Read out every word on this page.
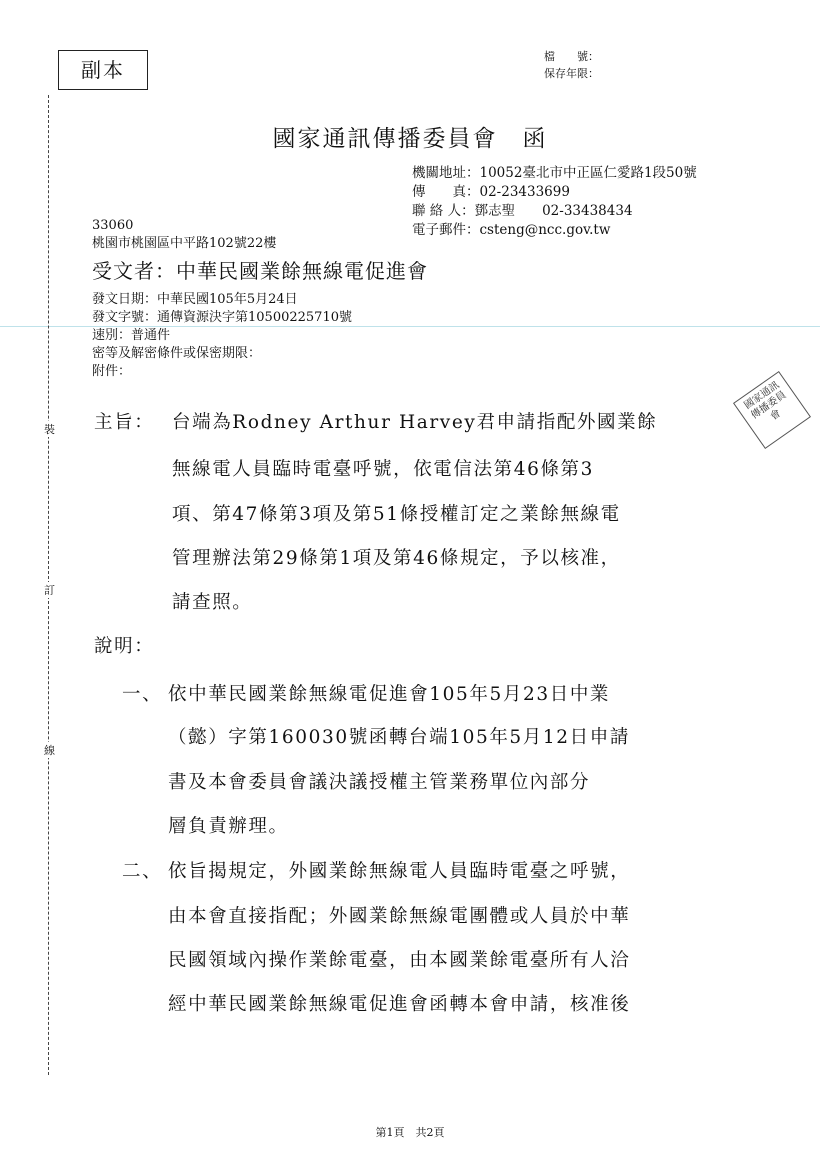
副本
檔　　號：
保存年限：
國家通訊傳播委員會　函
機關地址：10052臺北市中正區仁愛路1段50號
傳　　真：02-23433699
聯 絡 人：鄧志聖　　02-33438434
電子郵件：csteng@ncc.gov.tw
33060
桃園市桃園區中平路102號22樓
受文者：中華民國業餘無線電促進會
發文日期：中華民國105年5月24日
發文字號：通傳資源決字第10500225710號
速別：普通件
密等及解密條件或保密期限：
附件：
裝
訂
線
國家通訊傳播委員會
主旨： 台端為Rodney Arthur Harvey君申請指配外國業餘
無線電人員臨時電臺呼號，依電信法第46條第3
項、第47條第3項及第51條授權訂定之業餘無線電
管理辦法第29條第1項及第46條規定，予以核准，
請查照。
說明：
一、 依中華民國業餘無線電促進會105年5月23日中業
（懿）字第160030號函轉台端105年5月12日申請
書及本會委員會議決議授權主管業務單位內部分
層負責辦理。
二、 依旨揭規定，外國業餘無線電人員臨時電臺之呼號，
由本會直接指配；外國業餘無線電團體或人員於中華
民國領域內操作業餘電臺，由本國業餘電臺所有人洽
經中華民國業餘無線電促進會函轉本會申請，核准後
第1頁　共2頁
